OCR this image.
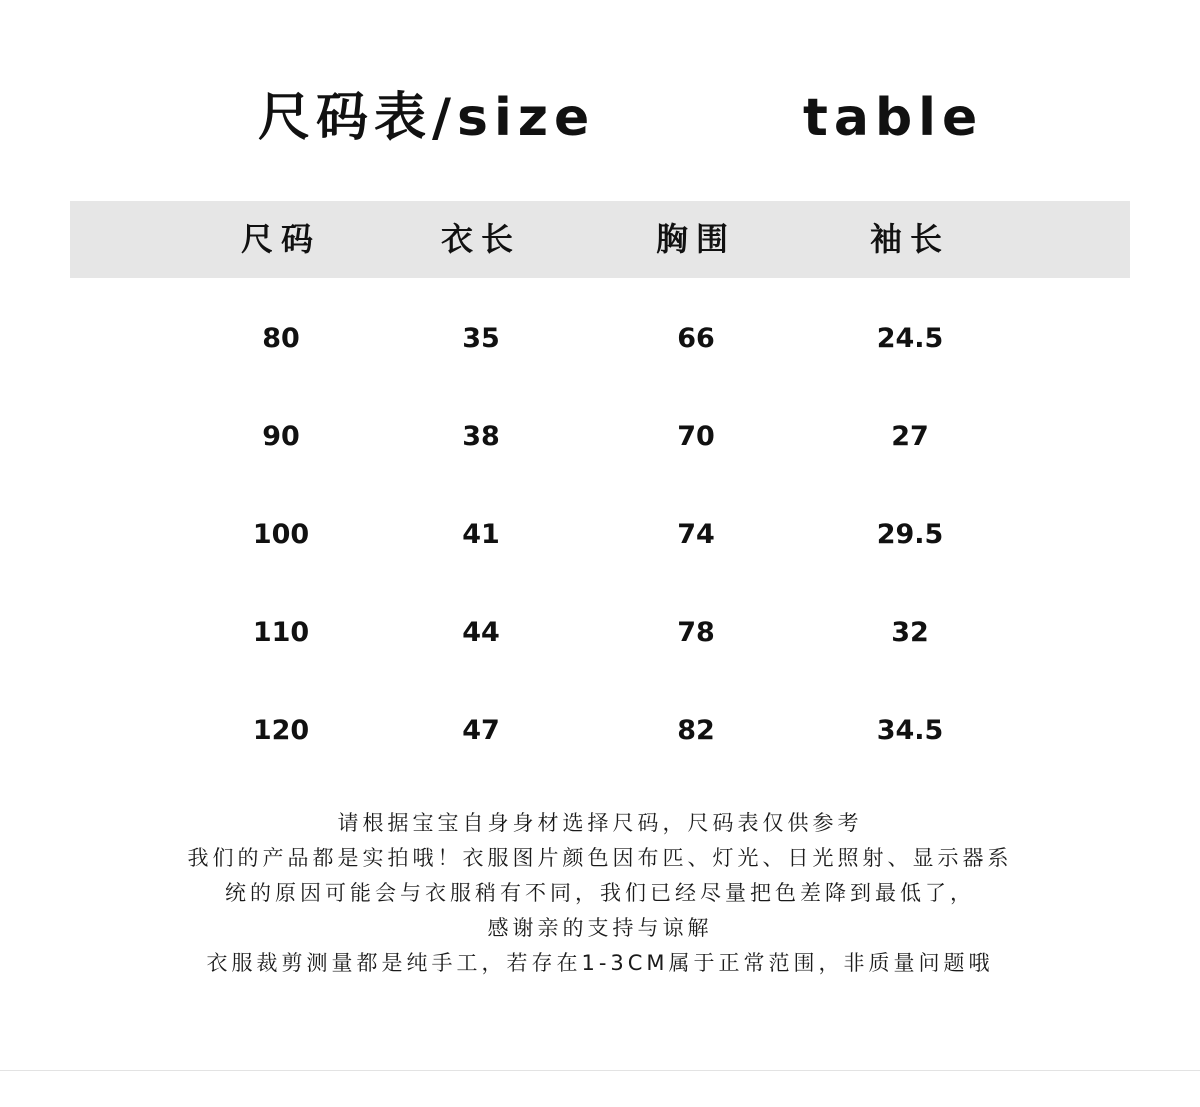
尺码表/size	table
尺码	衣长	胸围	袖长
80	35	66	24.5
90	38	70	27
100	41	74	29.5
110	44	78	32
120	47	82	34.5
请根据宝宝自身身材选择尺码，尺码表仅供参考
我们的产品都是实拍哦！衣服图片颜色因布匹、灯光、日光照射、显示器系
统的原因可能会与衣服稍有不同，我们已经尽量把色差降到最低了，
感谢亲的支持与谅解
衣服裁剪测量都是纯手工，若存在1-3CM属于正常范围，非质量问题哦
